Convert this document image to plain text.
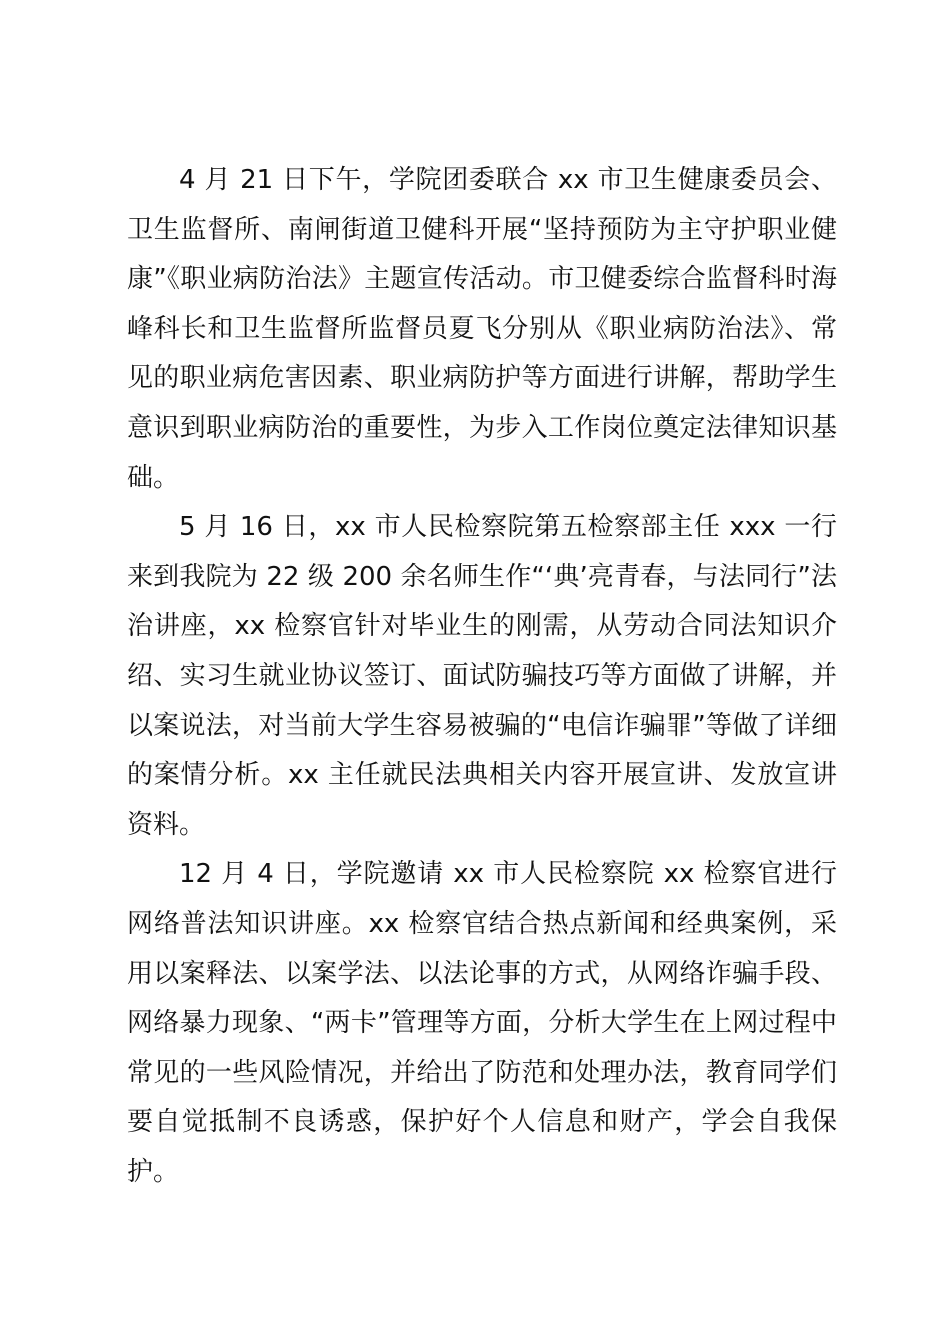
4 月 21 日下午，学院团委联合 xx 市卫生健康委员会、卫生监督所、南闸街道卫健科开展“坚持预防为主守护职业健康”《职业病防治法》主题宣传活动。市卫健委综合监督科时海峰科长和卫生监督所监督员夏飞分别从《职业病防治法》、常见的职业病危害因素、职业病防护等方面进行讲解，帮助学生意识到职业病防治的重要性，为步入工作岗位奠定法律知识基础。

5 月 16 日，xx 市人民检察院第五检察部主任 xxx 一行来到我院为 22 级 200 余名师生作“‘典’亮青春，与法同行”法治讲座，xx 检察官针对毕业生的刚需，从劳动合同法知识介绍、实习生就业协议签订、面试防骗技巧等方面做了讲解，并以案说法，对当前大学生容易被骗的“电信诈骗罪”等做了详细的案情分析。xx 主任就民法典相关内容开展宣讲、发放宣讲资料。

12 月 4 日，学院邀请 xx 市人民检察院 xx 检察官进行网络普法知识讲座。xx 检察官结合热点新闻和经典案例，采用以案释法、以案学法、以法论事的方式，从网络诈骗手段、网络暴力现象、“两卡”管理等方面，分析大学生在上网过程中常见的一些风险情况，并给出了防范和处理办法，教育同学们要自觉抵制不良诱惑，保护好个人信息和财产，学会自我保护。
